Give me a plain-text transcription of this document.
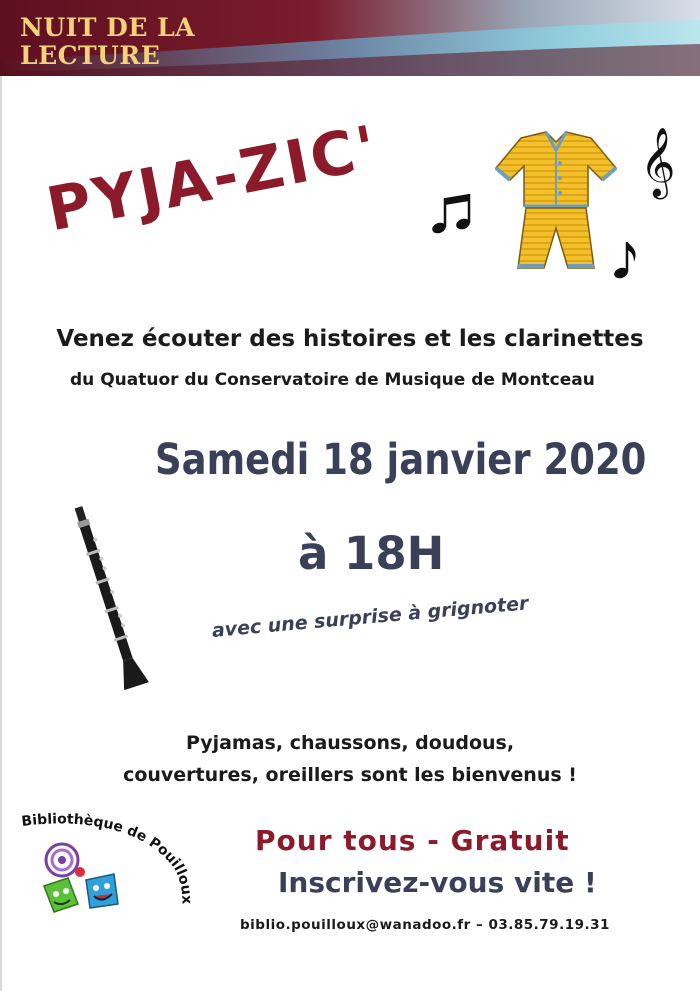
NUIT DE LA
LECTURE
PYJA-ZIC'	𝄞
Venez écouter des histoires et les clarinettes
du Quatuor du Conservatoire de Musique de Montceau
Samedi 18 janvier 2020
à 18H
avec une surprise à grignoter
Pyjamas, chaussons, doudous,
couvertures, oreillers sont les bienvenus !
Bibliothèque de Pouilloux
Pour tous - Gratuit
Inscrivez-vous vite !
biblio.pouilloux@wanadoo.fr – 03.85.79.19.31
